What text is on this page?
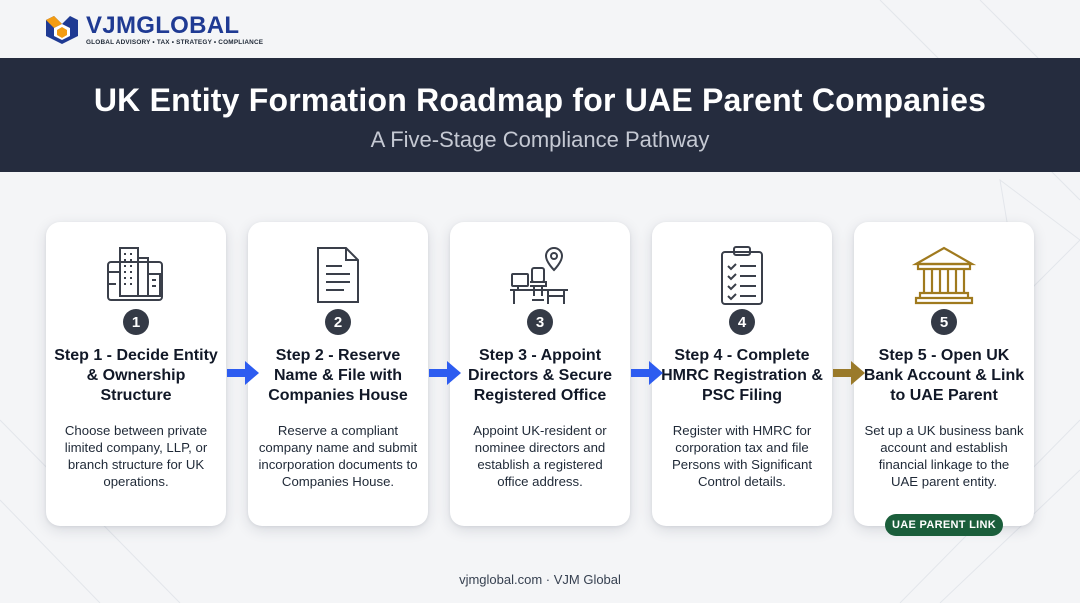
VJMGLOBAL
GLOBAL ADVISORY • TAX • STRATEGY • COMPLIANCE
UK Entity Formation Roadmap for UAE Parent Companies
A Five-Stage Compliance Pathway
Step 1 - Decide Entity & Ownership Structure
Choose between private limited company, LLP, or branch structure for UK operations.
1
Step 2 - Reserve Name & File with Companies House
Reserve a compliant company name and submit incorporation documents to Companies House.
2
Step 3 - Appoint Directors & Secure Registered Office
Appoint UK-resident or nominee directors and establish a registered office address.
3
Step 4 - Complete HMRC Registration & PSC Filing
Register with HMRC for corporation tax and file Persons with Significant Control details.
4
Step 5 - Open UK Bank Account & Link to UAE Parent
Set up a UK business bank account and establish financial linkage to the UAE parent entity.
5
UAE PARENT LINK
vjmglobal.com · VJM Global
